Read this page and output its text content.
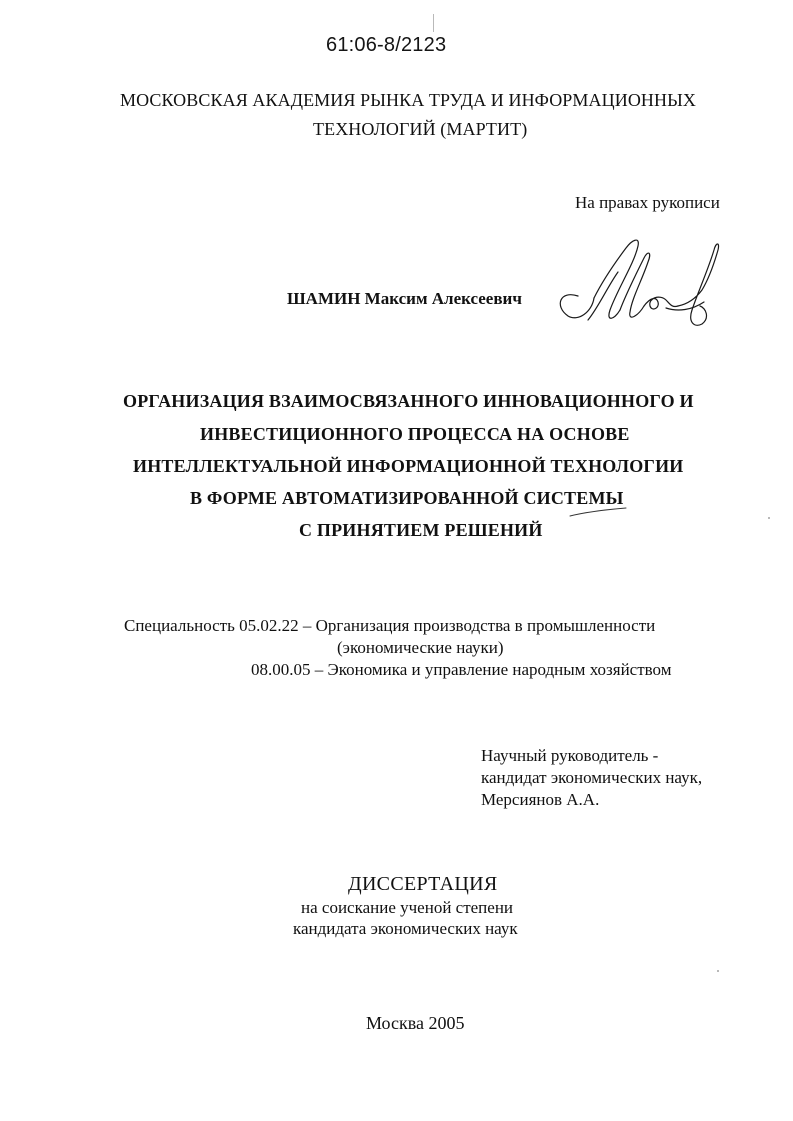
61:06-8/2123
МОСКОВСКАЯ АКАДЕМИЯ РЫНКА ТРУДА И ИНФОРМАЦИОННЫХ
ТЕХНОЛОГИЙ (МАРТИТ)
На правах рукописи
ШАМИН Максим Алексеевич
ОРГАНИЗАЦИЯ ВЗАИМОСВЯЗАННОГО ИННОВАЦИОННОГО И
ИНВЕСТИЦИОННОГО ПРОЦЕССА НА ОСНОВЕ
ИНТЕЛЛЕКТУАЛЬНОЙ ИНФОРМАЦИОННОЙ ТЕХНОЛОГИИ
В ФОРМЕ АВТОМАТИЗИРОВАННОЙ СИСТЕМЫ
С ПРИНЯТИЕМ РЕШЕНИЙ
Специальность 05.02.22 – Организация производства в промышленности
(экономические науки)
08.00.05 – Экономика и управление народным хозяйством
Научный руководитель -
кандидат экономических наук,
Мерсиянов А.А.
ДИССЕРТАЦИЯ
на соискание ученой степени
кандидата экономических наук
Москва 2005
